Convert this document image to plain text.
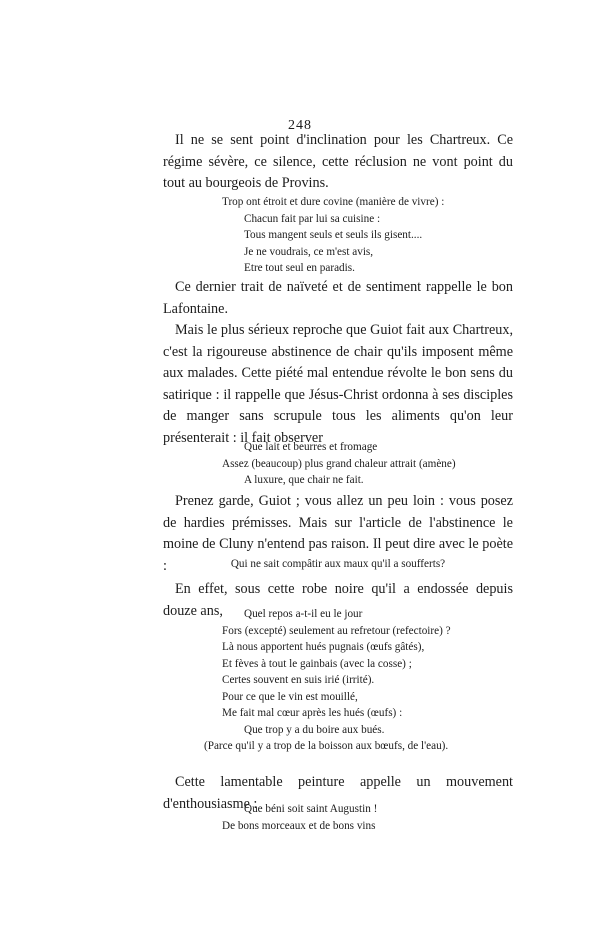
248

Il ne se sent point d'inclination pour les Chartreux. Ce régime sévère, ce silence, cette réclusion ne vont point du tout au bourgeois de Provins.

Trop ont étroit et dure covine (manière de vivre) :
Chacun fait par lui sa cuisine :
Tous mangent seuls et seuls ils gisent....
Je ne voudrais, ce m'est avis,
Etre tout seul en paradis.

Ce dernier trait de naïveté et de sentiment rappelle le bon Lafontaine.

Mais le plus sérieux reproche que Guiot fait aux Chartreux, c'est la rigoureuse abstinence de chair qu'ils imposent même aux malades. Cette piété mal entendue révolte le bon sens du satirique : il rappelle que Jésus-Christ ordonna à ses disciples de manger sans scrupule tous les aliments qu'on leur présenterait : il fait observer

Que lait et beurres et fromage
Assez (beaucoup) plus grand chaleur attrait (amène)
A luxure, que chair ne fait.

Prenez garde, Guiot ; vous allez un peu loin : vous posez de hardies prémisses. Mais sur l'article de l'abstinence le moine de Cluny n'entend pas raison. Il peut dire avec le poète :	Qui ne sait compâtir aux maux qu'il a soufferts?

En effet, sous cette robe noire qu'il a endossée depuis douze ans,	Quel repos a-t-il eu le jour
Fors (excepté) seulement au refretour (refectoire) ?
Là nous apportent hués pugnais (œufs gâtés),
Et fèves à tout le gainbais (avec la cosse) ;
Certes souvent en suis irié (irrité).
Pour ce que le vin est mouillé,
Me fait mal cœur après les hués (œufs) :
Que trop y a du boire aux bués.
(Parce qu'il y a trop de la boisson aux bœufs, de l'eau).

Cette lamentable peinture appelle un mouvement d'enthousiasme :

Que béni soit saint Augustin !
De bons morceaux et de bons vins
